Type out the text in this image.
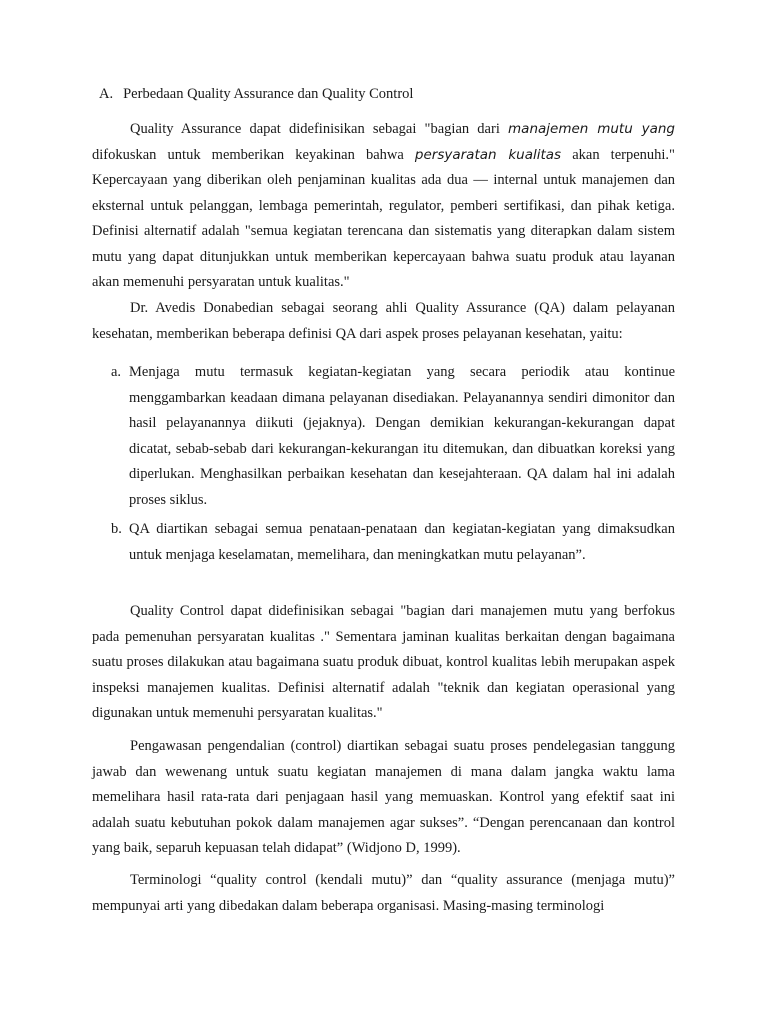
A. Perbedaan Quality Assurance dan Quality Control
Quality Assurance dapat didefinisikan sebagai "bagian dari manajemen mutu yang difokuskan untuk memberikan keyakinan bahwa persyaratan kualitas akan terpenuhi." Kepercayaan yang diberikan oleh penjaminan kualitas ada dua — internal untuk manajemen dan eksternal untuk pelanggan, lembaga pemerintah, regulator, pemberi sertifikasi, dan pihak ketiga. Definisi alternatif adalah "semua kegiatan terencana dan sistematis yang diterapkan dalam sistem mutu yang dapat ditunjukkan untuk memberikan kepercayaan bahwa suatu produk atau layanan akan memenuhi persyaratan untuk kualitas."
Dr. Avedis Donabedian sebagai seorang ahli Quality Assurance (QA) dalam pelayanan kesehatan, memberikan beberapa definisi QA dari aspek proses pelayanan kesehatan, yaitu:
a. Menjaga mutu termasuk kegiatan-kegiatan yang secara periodik atau kontinue menggambarkan keadaan dimana pelayanan disediakan. Pelayanannya sendiri dimonitor dan hasil pelayanannya diikuti (jejaknya). Dengan demikian kekurangan-kekurangan dapat dicatat, sebab-sebab dari kekurangan-kekurangan itu ditemukan, dan dibuatkan koreksi yang diperlukan. Menghasilkan perbaikan kesehatan dan kesejahteraan. QA dalam hal ini adalah proses siklus.
b. QA diartikan sebagai semua penataan-penataan dan kegiatan-kegiatan yang dimaksudkan untuk menjaga keselamatan, memelihara, dan meningkatkan mutu pelayanan”.
Quality Control dapat didefinisikan sebagai "bagian dari manajemen mutu yang berfokus pada pemenuhan persyaratan kualitas ." Sementara jaminan kualitas berkaitan dengan bagaimana suatu proses dilakukan atau bagaimana suatu produk dibuat, kontrol kualitas lebih merupakan aspek inspeksi manajemen kualitas. Definisi alternatif adalah "teknik dan kegiatan operasional yang digunakan untuk memenuhi persyaratan kualitas."
Pengawasan pengendalian (control) diartikan sebagai suatu proses pendelegasian tanggung jawab dan wewenang untuk suatu kegiatan manajemen di mana dalam jangka waktu lama memelihara hasil rata-rata dari penjagaan hasil yang memuaskan. Kontrol yang efektif saat ini adalah suatu kebutuhan pokok dalam manajemen agar sukses”. “Dengan perencanaan dan kontrol yang baik, separuh kepuasan telah didapat” (Widjono D, 1999).
Terminologi “quality control (kendali mutu)” dan “quality assurance (menjaga mutu)” mempunyai arti yang dibedakan dalam beberapa organisasi. Masing-masing terminologi
